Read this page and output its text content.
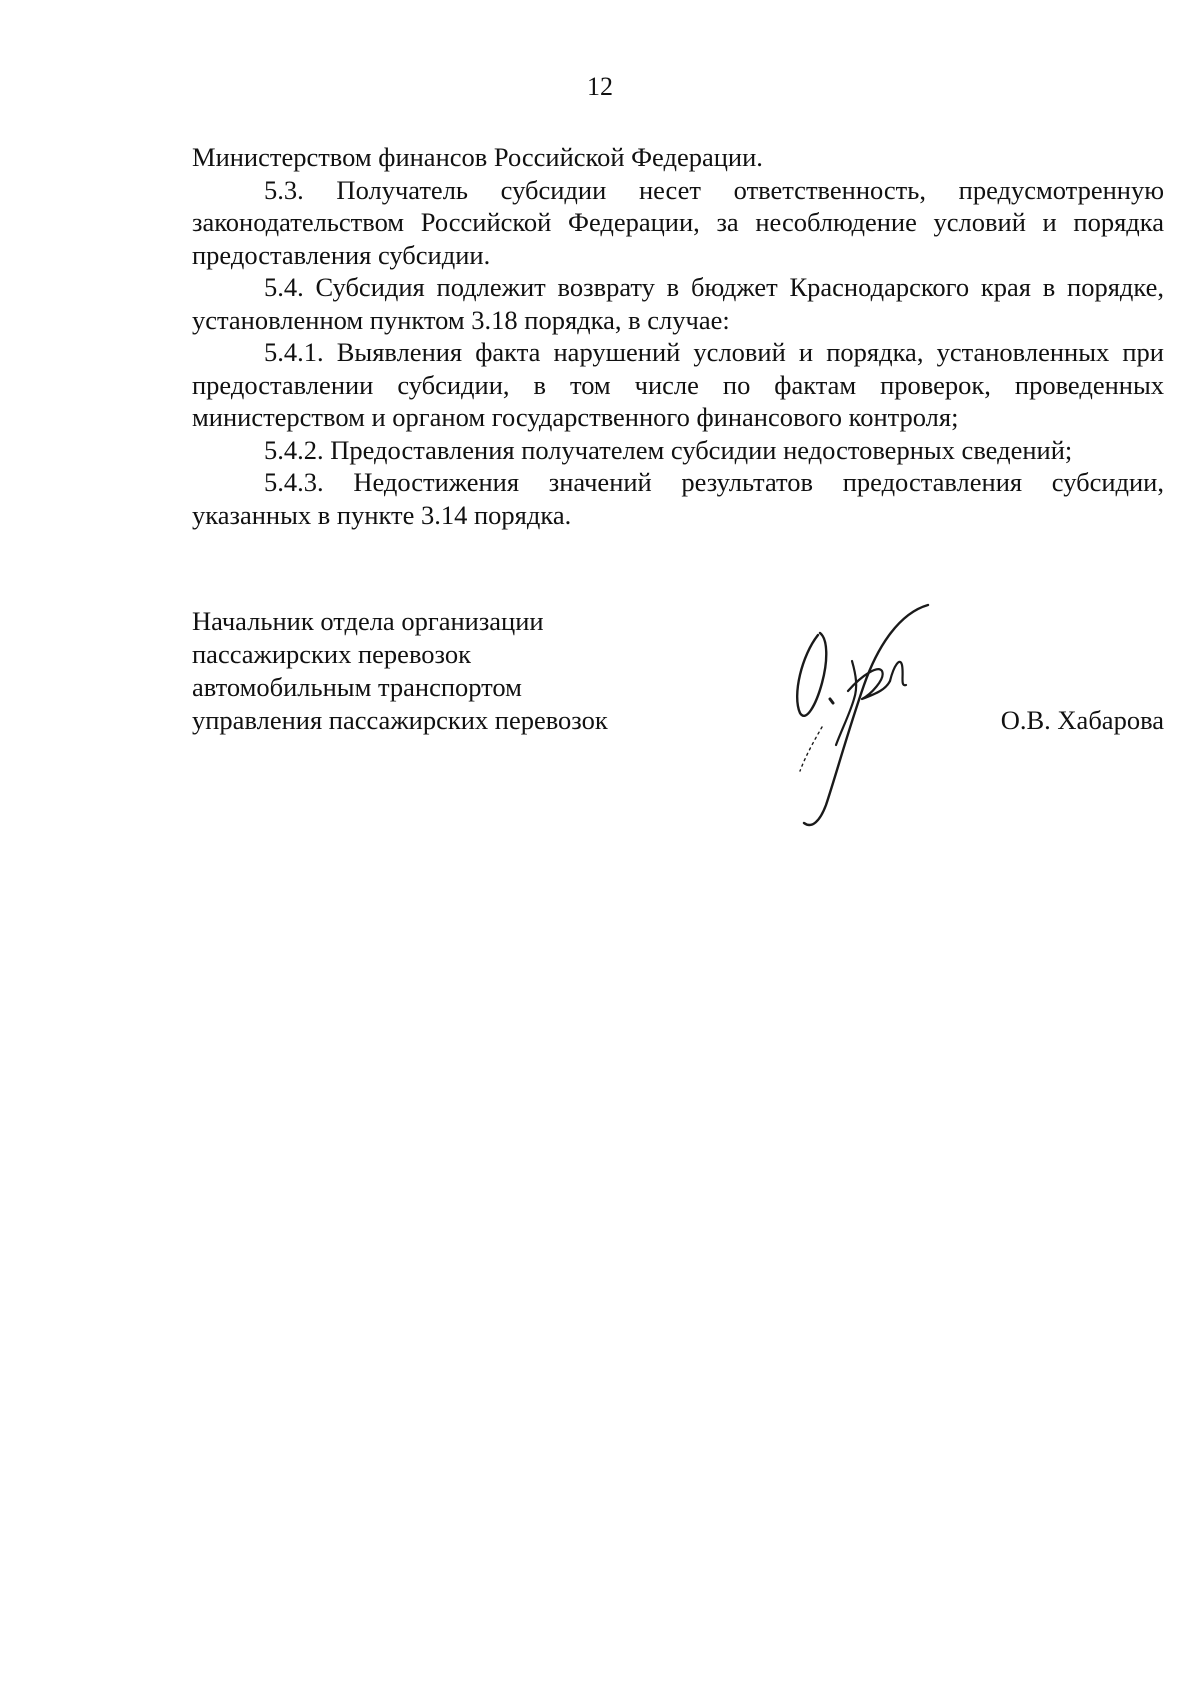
12

Министерством финансов Российской Федерации.

5.3. Получатель субсидии несет ответственность, предусмотренную законодательством Российской Федерации, за несоблюдение условий и порядка предоставления субсидии.

5.4. Субсидия подлежит возврату в бюджет Краснодарского края в порядке, установленном пунктом 3.18 порядка, в случае:

5.4.1. Выявления факта нарушений условий и порядка, установленных при предоставлении субсидии, в том числе по фактам проверок, проведенных министерством и органом государственного финансового контроля;

5.4.2. Предоставления получателем субсидии недостоверных сведений;

5.4.3. Недостижения значений результатов предоставления субсидии, указанных в пункте 3.14 порядка.

Начальник отдела организации
пассажирских перевозок
автомобильным транспортом
управления пассажирских перевозок	О.В. Хабарова
